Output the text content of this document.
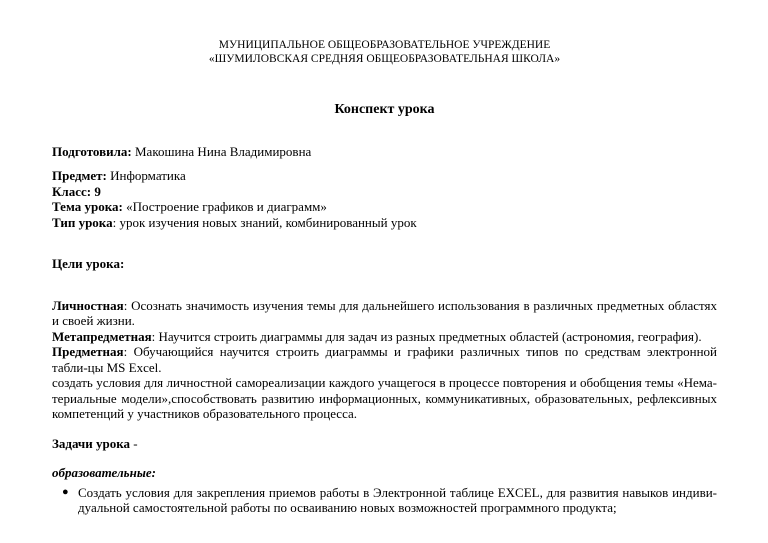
МУНИЦИПАЛЬНОЕ ОБЩЕОБРАЗОВАТЕЛЬНОЕ УЧРЕЖДЕНИЕ
«ШУМИЛОВСКАЯ СРЕДНЯЯ ОБЩЕОБРАЗОВАТЕЛЬНАЯ ШКОЛА»
Конспект урока

Подготовила: Макошина Нина Владимировна

Предмет: Информатика

Класс: 9

Тема урока: «Построение графиков и диаграмм»

Тип урока: урок изучения новых знаний, комбинированный урок

Цели урока:

Личностная: Осознать значимость изучения темы для дальнейшего использования в различных предметных областях и своей жизни.

Метапредметная: Научится строить диаграммы для задач из разных предметных областей (астрономия, география).

Предметная: Обучающийся научится строить диаграммы и графики различных типов по средствам электронной табли-цы MS Excel.

создать условия для личностной самореализации каждого учащегося в процессе повторения и обобщения темы «Нема-териальные модели»,способствовать развитию информационных, коммуникативных, образовательных, рефлексивных компетенций у участников образовательного процесса.

Задачи урока -

образовательные:

● Создать условия для закрепления приемов работы в Электронной таблице EXCEL, для развития навыков индиви-дуальной самостоятельной работы по осваиванию новых возможностей программного продукта;
